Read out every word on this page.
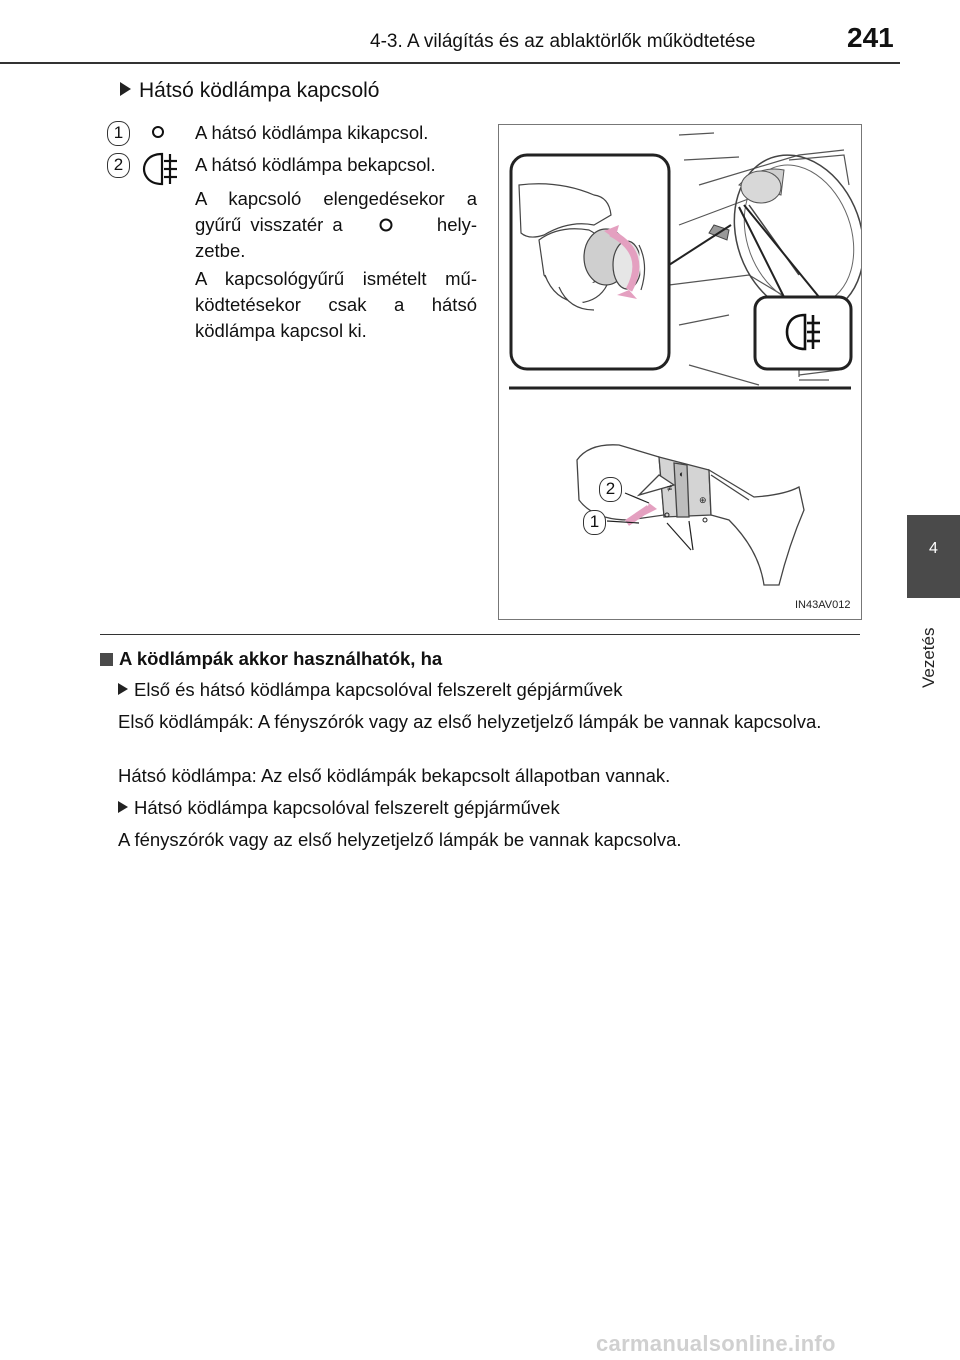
4-3. A világítás és az ablaktörlők működtetése	241
4
Vezetés
Hátsó ködlámpa kapcsoló
1	A hátsó ködlámpa kikapcsol.
2	A hátsó ködlámpa bekapcsol.
A kapcsoló elengedésekor a gyűrű visszatér a	hely-zetbe.
A kapcsológyűrű ismételt mű-ködtetésekor csak a hátsó ködlámpa kapcsol ki.
≢
◐
⊕
2
1
IN43AV012
A ködlámpák akkor használhatók, ha
Első és hátsó ködlámpa kapcsolóval felszerelt gépjárművek
Első ködlámpák: A fényszórók vagy az első helyzetjelző lámpák be vannak kapcsolva.
Hátsó ködlámpa: Az első ködlámpák bekapcsolt állapotban vannak.
Hátsó ködlámpa kapcsolóval felszerelt gépjárművek
A fényszórók vagy az első helyzetjelző lámpák be vannak kapcsolva.
carmanualsonline.info
